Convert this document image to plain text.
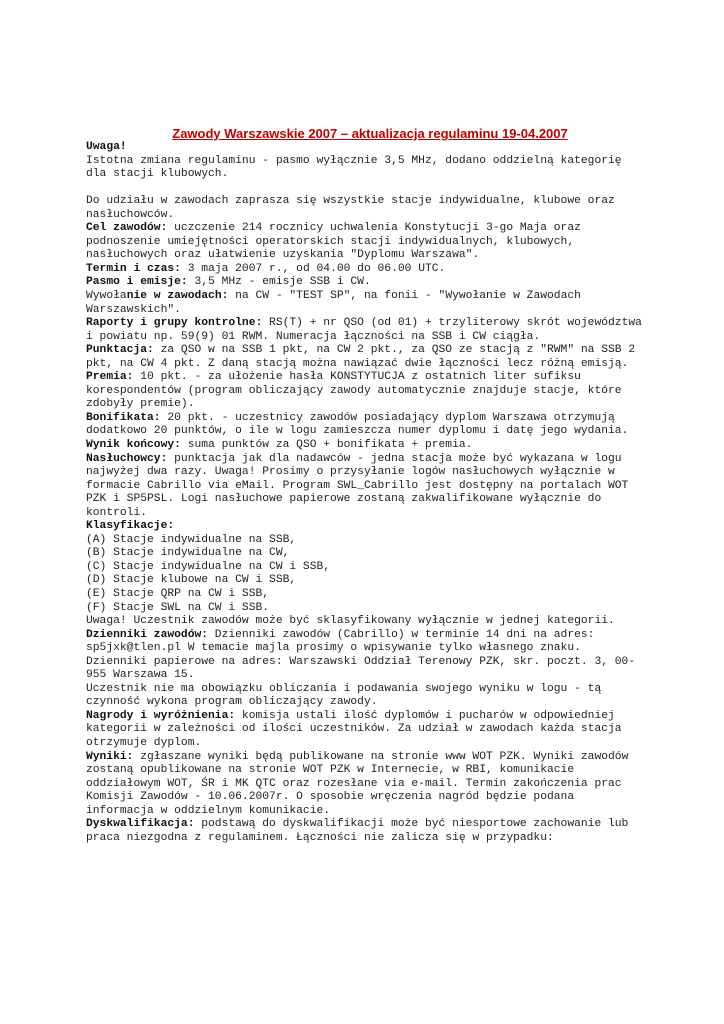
Zawody Warszawskie 2007 – aktualizacja regulaminu 19-04.2007

Uwaga!
Istotna zmiana regulaminu - pasmo wyłącznie 3,5 MHz, dodano oddzielną kategorię dla stacji klubowych.

Do udziału w zawodach zaprasza się wszystkie stacje indywidualne, klubowe oraz nasłuchowców.

Cel zawodów: uczczenie 214 rocznicy uchwalenia Konstytucji 3-go Maja oraz podnoszenie umiejętności operatorskich stacji indywidualnych, klubowych, nasłuchowych oraz ułatwienie uzyskania "Dyplomu Warszawa".

Termin i czas: 3 maja 2007 r., od 04.00 do 06.00 UTC.

Pasmo i emisje: 3,5 MHz - emisje SSB i CW.

Wywołanie w zawodach: na CW - "TEST SP", na fonii - "Wywołanie w Zawodach Warszawskich".

Raporty i grupy kontrolne: RS(T) + nr QSO (od 01) + trzyliterowy skrót województwa i powiatu np. 59(9) 01 RWM. Numeracja łączności na SSB i CW ciągła.

Punktacja: za QSO w na SSB 1 pkt, na CW 2 pkt., za QSO ze stacją z "RWM" na SSB 2 pkt, na CW 4 pkt. Z daną stacją można nawiązać dwie łączności lecz różną emisją.

Premia: 10 pkt. - za ułożenie hasła KONSTYTUCJA z ostatnich liter sufiksu korespondentów (program obliczający zawody automatycznie znajduje stacje, które zdobyły premie).

Bonifikata: 20 pkt. - uczestnicy zawodów posiadający dyplom Warszawa otrzymują dodatkowo 20 punktów, o ile w logu zamieszcza numer dyplomu i datę jego wydania.

Wynik końcowy: suma punktów za QSO + bonifikata + premia.

Nasłuchowcy: punktacja jak dla nadawców - jedna stacja może być wykazana w logu najwyżej dwa razy. Uwaga! Prosimy o przysyłanie logów nasłuchowych wyłącznie w formacie Cabrillo via eMail. Program SWL_Cabrillo jest dostępny na portalach WOT PZK i SP5PSL. Logi nasłuchowe papierowe zostaną zakwalifikowane wyłącznie do kontroli.

Klasyfikacje:

(A) Stacje indywidualne na SSB,
(B) Stacje indywidualne na CW,
(C) Stacje indywidualne na CW i SSB,
(D) Stacje klubowe na CW i SSB,
(E) Stacje QRP na CW i SSB,
(F) Stacje SWL na CW i SSB.

Uwaga! Uczestnik zawodów może być sklasyfikowany wyłącznie w jednej kategorii.

Dzienniki zawodów: Dzienniki zawodów (Cabrillo) w terminie 14 dni na adres: sp5jxk@tlen.pl W temacie majla prosimy o wpisywanie tylko własnego znaku. Dzienniki papierowe na adres: Warszawski Oddział Terenowy PZK, skr. poczt. 3, 00-955 Warszawa 15.

Uczestnik nie ma obowiązku obliczania i podawania swojego wyniku w logu - tą czynność wykona program obliczający zawody.

Nagrody i wyróżnienia: komisja ustali ilość dyplomów i pucharów w odpowiedniej kategorii w zależności od ilości uczestników. Za udział w zawodach każda stacja otrzymuje dyplom.

Wyniki: zgłaszane wyniki będą publikowane na stronie www WOT PZK. Wyniki zawodów zostaną opublikowane na stronie WOT PZK w Internecie, w RBI, komunikacie oddziałowym WOT, ŚR i MK QTC oraz rozesłane via e-mail. Termin zakończenia prac Komisji Zawodów - 10.06.2007r. O sposobie wręczenia nagród będzie podana informacja w oddzielnym komunikacie.

Dyskwalifikacja: podstawą do dyskwalifikacji może być niesportowe zachowanie lub praca niezgodna z regulaminem. Łączności nie zalicza się w przypadku:
